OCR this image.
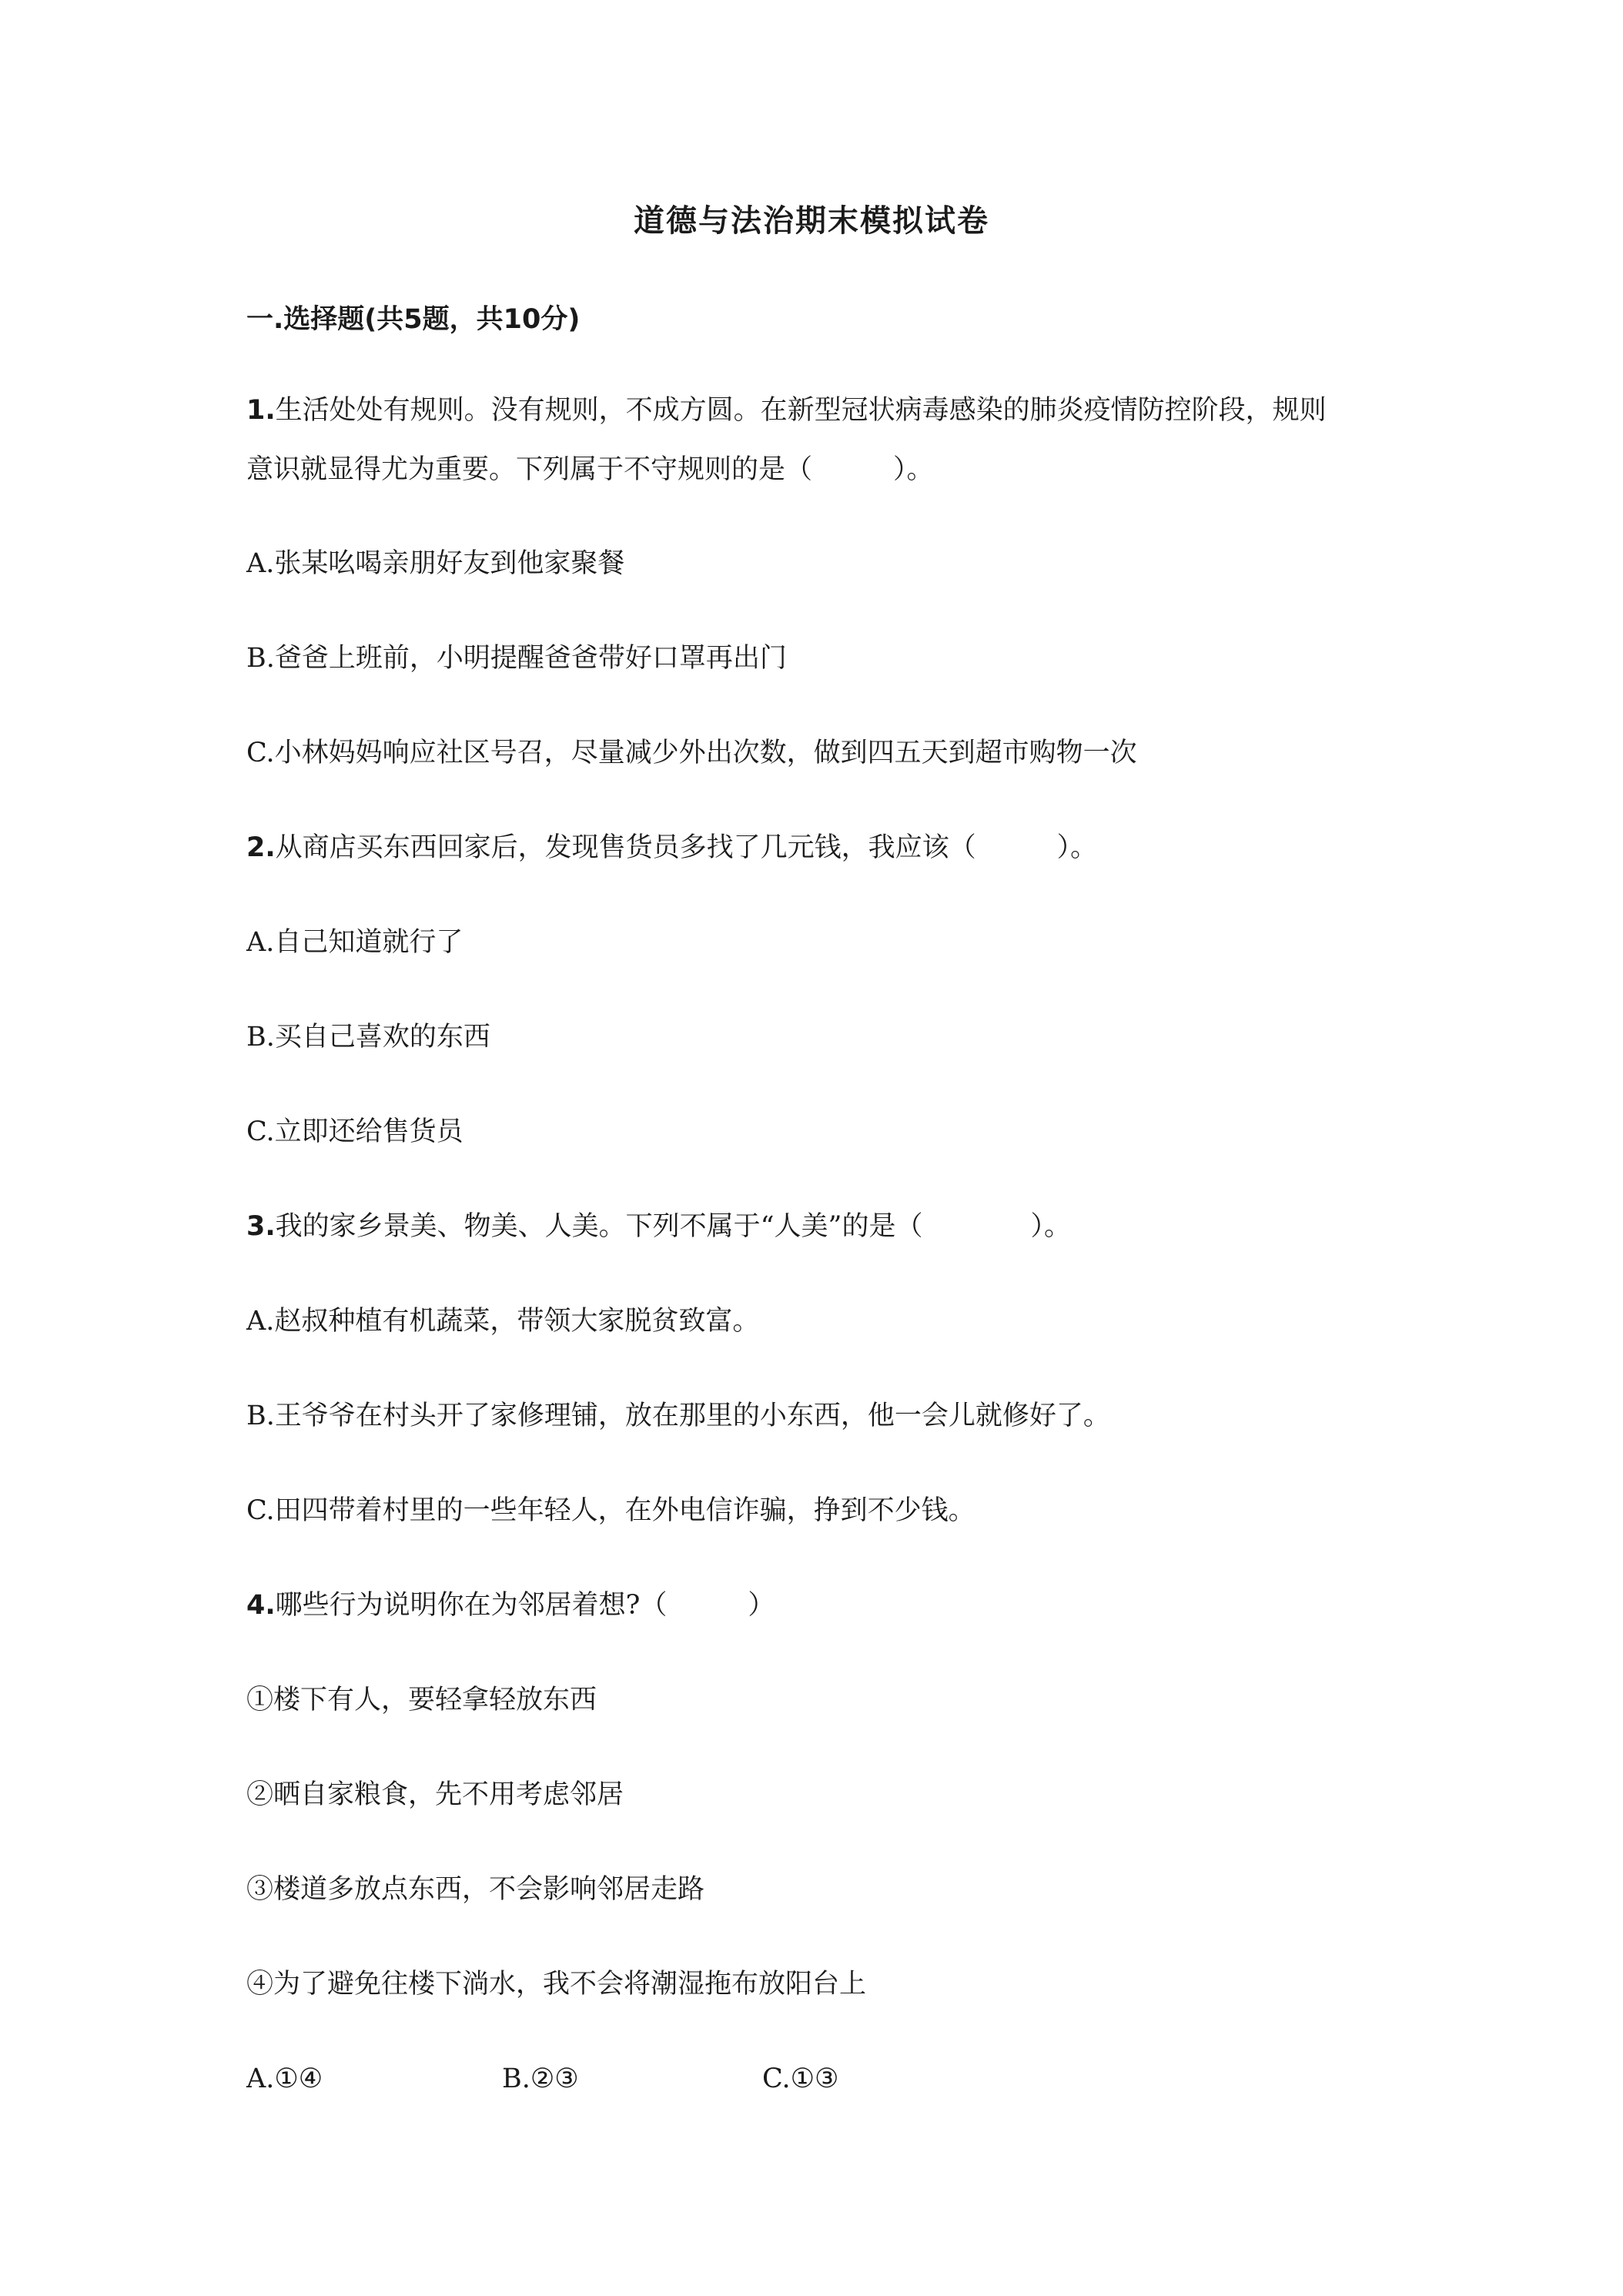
道德与法治期末模拟试卷
一.选择题(共5题，共10分)
1.生活处处有规则。没有规则，不成方圆。在新型冠状病毒感染的肺炎疫情防控阶段，规则
意识就显得尤为重要。下列属于不守规则的是（　　　）。
A.张某吆喝亲朋好友到他家聚餐
B.爸爸上班前，小明提醒爸爸带好口罩再出门
C.小林妈妈响应社区号召，尽量减少外出次数，做到四五天到超市购物一次
2.从商店买东西回家后，发现售货员多找了几元钱，我应该（　　　）。
A.自己知道就行了
B.买自己喜欢的东西
C.立即还给售货员
3.我的家乡景美、物美、人美。下列不属于“人美”的是（　　　　）。
A.赵叔种植有机蔬菜，带领大家脱贫致富。
B.王爷爷在村头开了家修理铺，放在那里的小东西，他一会儿就修好了。
C.田四带着村里的一些年轻人，在外电信诈骗，挣到不少钱。
4.哪些行为说明你在为邻居着想?（　　　）
①楼下有人，要轻拿轻放东西
②晒自家粮食，先不用考虑邻居
③楼道多放点东西，不会影响邻居走路
④为了避免往楼下淌水，我不会将潮湿拖布放阳台上
A.①④	B.②③	C.①③
